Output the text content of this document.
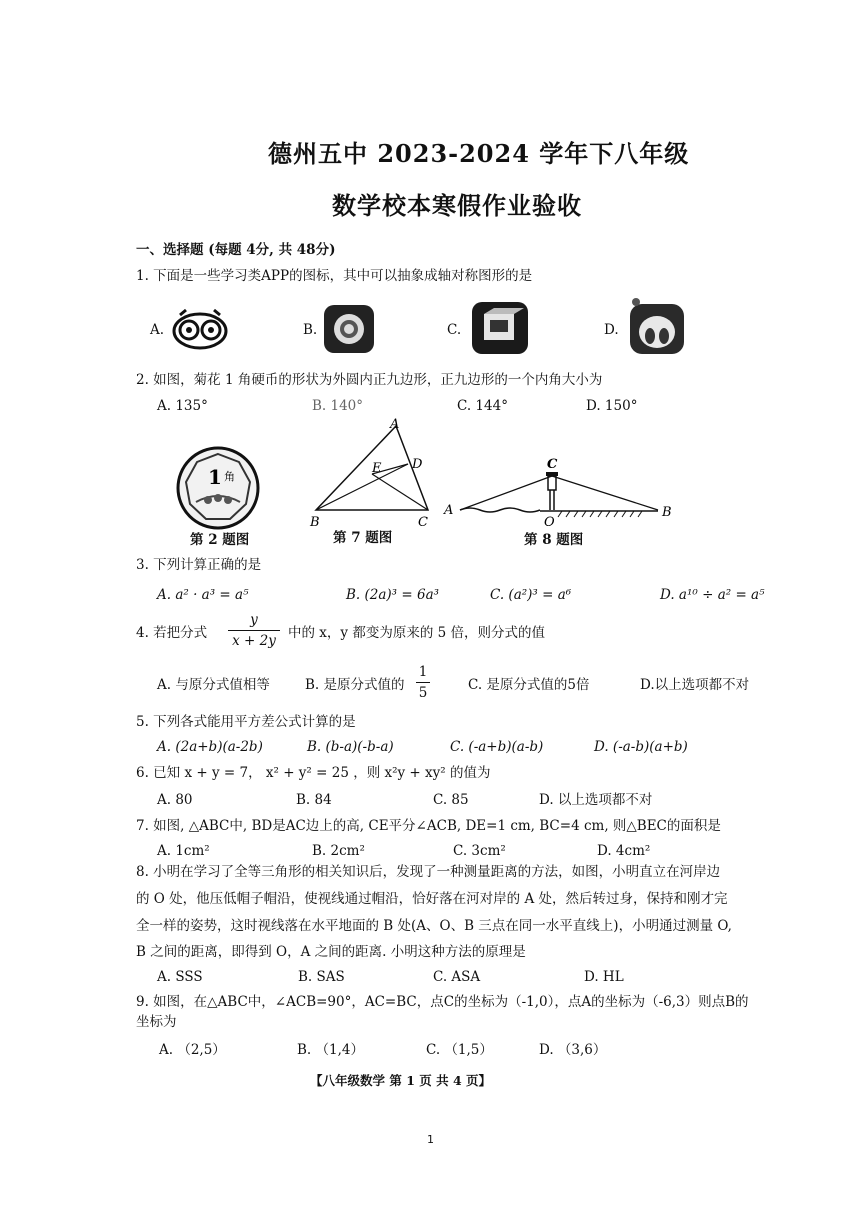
德州五中 2023-2024 学年下八年级
数学校本寒假作业验收
一、选择题 (每题 4分, 共 48分)
1. 下面是一些学习类APP的图标，其中可以抽象成轴对称图形的是
A.	B.	C.	D.
2. 如图，菊花 1 角硬币的形状为外圆内正九边形，正九边形的一个内角大小为
A. 135°	B. 140°	C. 144°	D. 150°
1 角
第 2 题图
A
D
E
B	C
第 7 题图
C
A
O
B
第 8 题图
3. 下列计算正确的是
A. a² · a³ = a⁵	B. (2a)³ = 6a³	C. (a²)³ = a⁶	D. a¹⁰ ÷ a² = a⁵
4. 若把分式 $\frac{y}{x + 2y}$ 中的 x，y 都变为原来的 5 倍，则分式的值
A. 与原分式值相等	B. 是原分式值的 $\frac{1}{5}$	C. 是原分式值的5倍	D.以上选项都不对
5. 下列各式能用平方差公式计算的是
A. (2a+b)(a-2b)	B. (b-a)(-b-a)	C. (-a+b)(a-b)	D. (-a-b)(a+b)
6. 已知 x + y = 7， x² + y² = 25 ，则 x²y + xy² 的值为
A. 80	B. 84	C. 85	D. 以上选项都不对
7. 如图, △ABC中, BD是AC边上的高, CE平分∠ACB, DE=1 cm, BC=4 cm, 则△BEC的面积是
A. 1cm²	B. 2cm²	C. 3cm²	D. 4cm²
8. 小明在学习了全等三角形的相关知识后，发现了一种测量距离的方法，如图，小明直立在河岸边
的 O 处，他压低帽子帽沿，使视线通过帽沿，恰好落在河对岸的 A 处，然后转过身，保持和刚才完
全一样的姿势，这时视线落在水平地面的 B 处(A、O、B 三点在同一水平直线上)，小明通过测量 O,
B 之间的距离，即得到 O，A 之间的距离. 小明这种方法的原理是
A. SSS	B. SAS	C. ASA	D. HL
9. 如图，在△ABC中，∠ACB=90°，AC=BC，点C的坐标为（-1,0），点A的坐标为（-6,3）则点B的
坐标为
A. （2,5）	B. （1,4）	C. （1,5）	D. （3,6）
【八年级数学 第 1 页 共 4 页】
1
